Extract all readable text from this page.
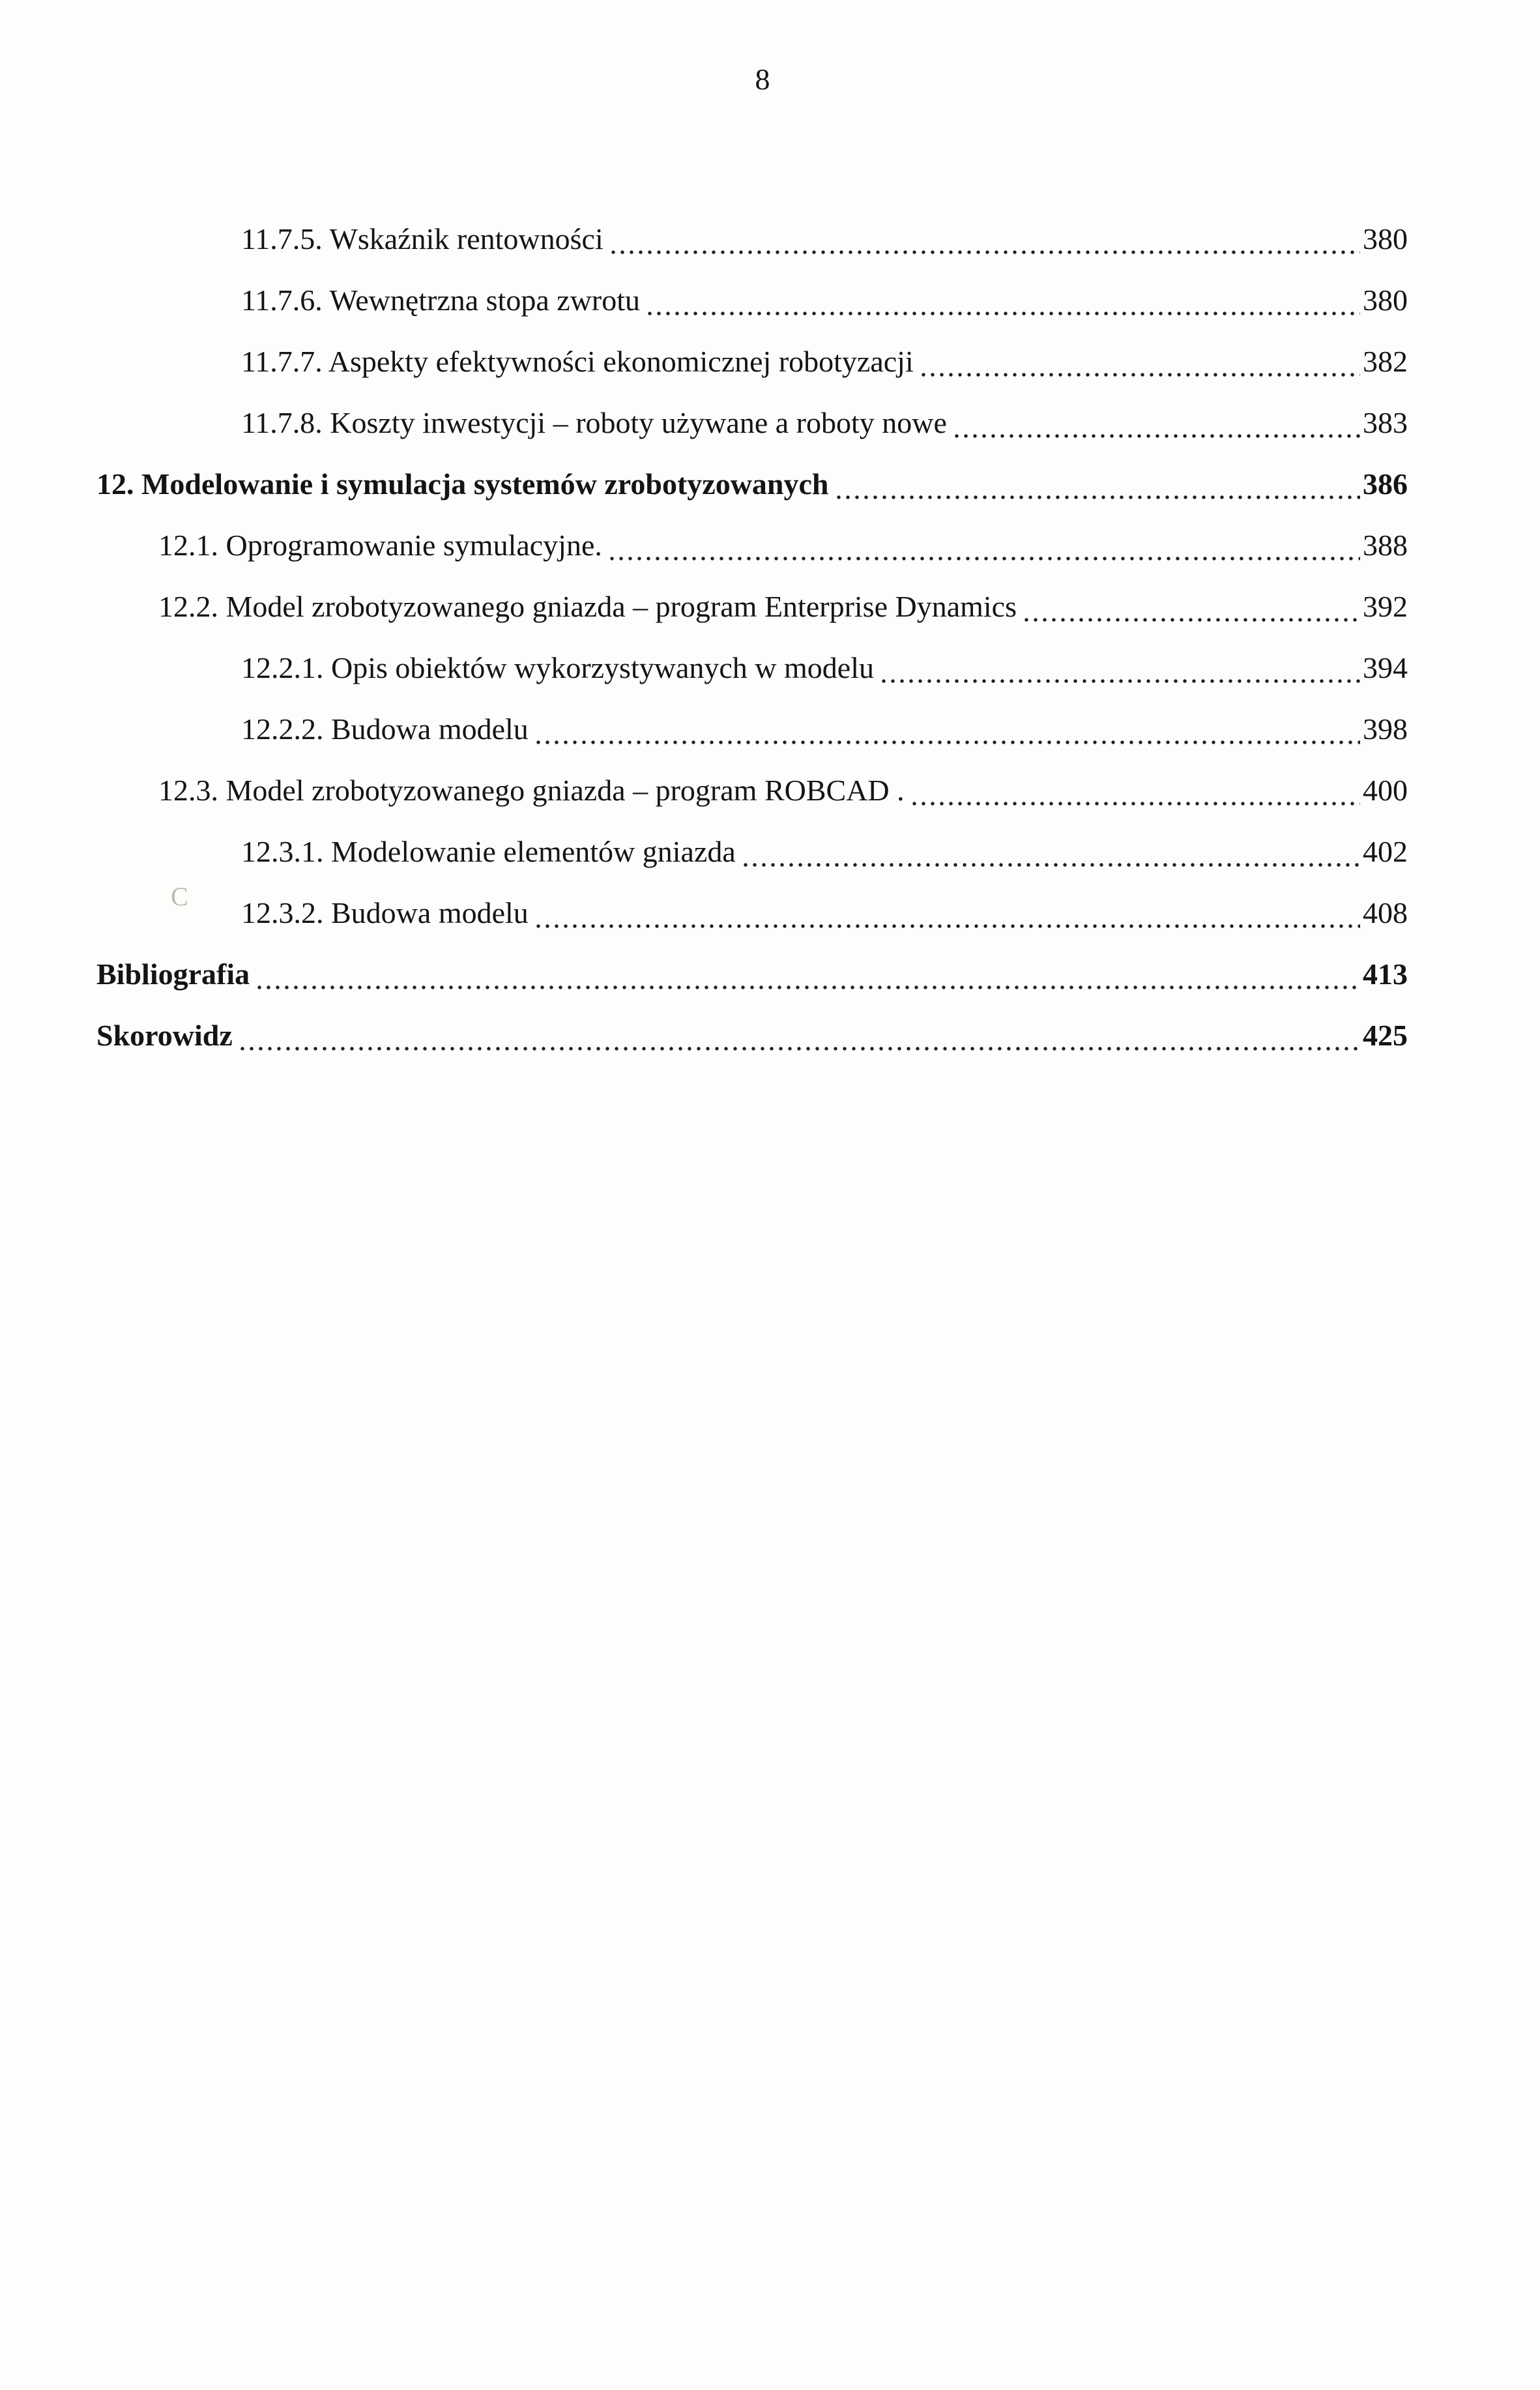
8
11.7.5. Wskaźnik rentowności	380
11.7.6. Wewnętrzna stopa zwrotu	380
11.7.7. Aspekty efektywności ekonomicznej robotyzacji	382
11.7.8. Koszty inwestycji – roboty używane a roboty nowe	383
12. Modelowanie i symulacja systemów zrobotyzowanych	386
12.1. Oprogramowanie symulacyjne.	388
12.2. Model zrobotyzowanego gniazda – program Enterprise Dynamics	392
12.2.1. Opis obiektów wykorzystywanych w modelu	394
12.2.2. Budowa modelu	398
12.3. Model zrobotyzowanego gniazda – program ROBCAD .	400
12.3.1. Modelowanie elementów gniazda	402
12.3.2. Budowa modelu	408
Bibliografia	413
Skorowidz	425
C
